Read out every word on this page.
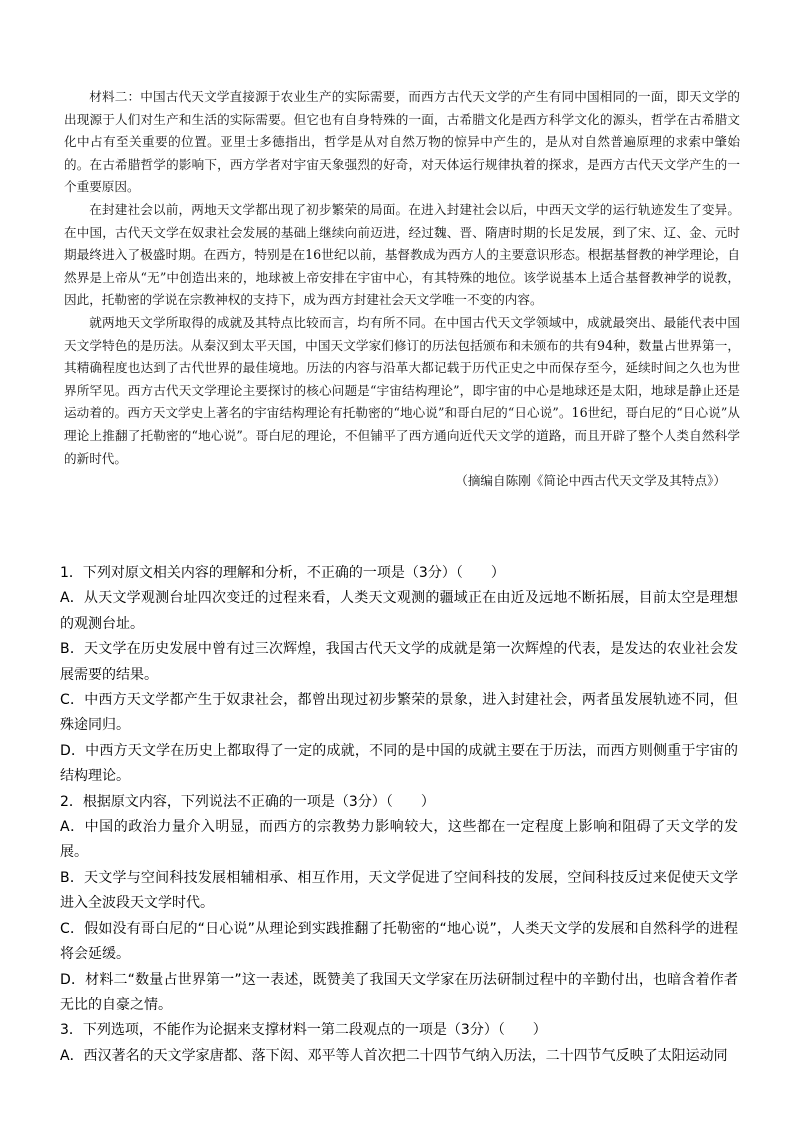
材料二：中国古代天文学直接源于农业生产的实际需要，而西方古代天文学的产生有同中国相同的一面，即天文学的出现源于人们对生产和生活的实际需要。但它也有自身特殊的一面，古希腊文化是西方科学文化的源头，哲学在古希腊文化中占有至关重要的位置。亚里士多德指出，哲学是从对自然万物的惊异中产生的，是从对自然普遍原理的求索中肇始的。在古希腊哲学的影响下，西方学者对宇宙天象强烈的好奇，对天体运行规律执着的探求，是西方古代天文学产生的一个重要原因。

在封建社会以前，两地天文学都出现了初步繁荣的局面。在进入封建社会以后，中西天文学的运行轨迹发生了变异。在中国，古代天文学在奴隶社会发展的基础上继续向前迈进，经过魏、晋、隋唐时期的长足发展，到了宋、辽、金、元时期最终进入了极盛时期。在西方，特别是在16世纪以前，基督教成为西方人的主要意识形态。根据基督教的神学理论，自然界是上帝从“无”中创造出来的，地球被上帝安排在宇宙中心，有其特殊的地位。该学说基本上适合基督教神学的说教，因此，托勒密的学说在宗教神权的支持下，成为西方封建社会天文学唯一不变的内容。

就两地天文学所取得的成就及其特点比较而言，均有所不同。在中国古代天文学领域中，成就最突出、最能代表中国天文学特色的是历法。从秦汉到太平天国，中国天文学家们修订的历法包括颁布和未颁布的共有94种，数量占世界第一，其精确程度也达到了古代世界的最佳境地。历法的内容与沿革大都记载于历代正史之中而保存至今，延续时间之久也为世界所罕见。西方古代天文学理论主要探讨的核心问题是“宇宙结构理论”，即宇宙的中心是地球还是太阳，地球是静止还是运动着的。西方天文学史上著名的宇宙结构理论有托勒密的“地心说”和哥白尼的“日心说”。16世纪，哥白尼的“日心说”从理论上推翻了托勒密的“地心说”。哥白尼的理论，不但铺平了西方通向近代天文学的道路，而且开辟了整个人类自然科学的新时代。

（摘编自陈刚《简论中西古代天文学及其特点》）

1．下列对原文相关内容的理解和分析，不正确的一项是（3分）（　　）

A．从天文学观测台址四次变迁的过程来看，人类天文观测的疆域正在由近及远地不断拓展，目前太空是理想的观测台址。

B．天文学在历史发展中曾有过三次辉煌，我国古代天文学的成就是第一次辉煌的代表，是发达的农业社会发展需要的结果。

C．中西方天文学都产生于奴隶社会，都曾出现过初步繁荣的景象，进入封建社会，两者虽发展轨迹不同，但殊途同归。

D．中西方天文学在历史上都取得了一定的成就，不同的是中国的成就主要在于历法，而西方则侧重于宇宙的结构理论。

2．根据原文内容，下列说法不正确的一项是（3分）（　　）

A．中国的政治力量介入明显，而西方的宗教势力影响较大，这些都在一定程度上影响和阻碍了天文学的发展。

B．天文学与空间科技发展相辅相承、相互作用，天文学促进了空间科技的发展，空间科技反过来促使天文学进入全波段天文学时代。

C．假如没有哥白尼的“日心说”从理论到实践推翻了托勒密的“地心说”，人类天文学的发展和自然科学的进程将会延缓。

D．材料二“数量占世界第一”这一表述，既赞美了我国天文学家在历法研制过程中的辛勤付出，也暗含着作者无比的自豪之情。

3．下列选项，不能作为论据来支撑材料一第二段观点的一项是（3分）（　　）

A．西汉著名的天文学家唐都、落下闳、邓平等人首次把二十四节气纳入历法，二十四节气反映了太阳运动同
